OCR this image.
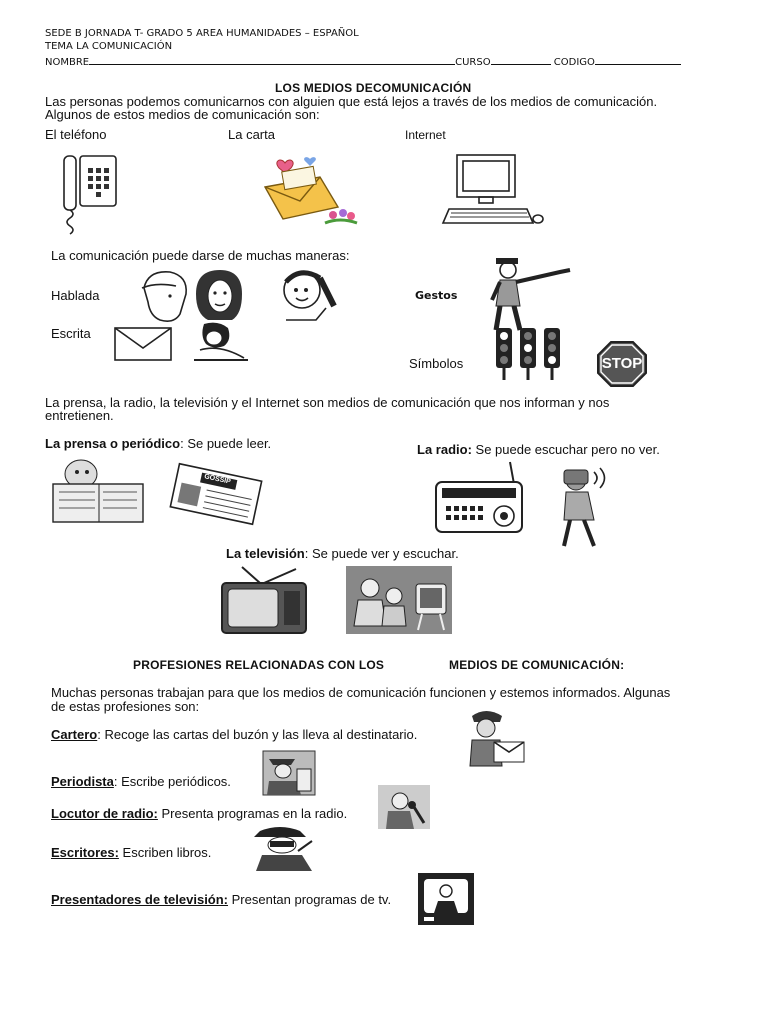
SEDE B JORNADA T- GRADO 5 AREA HUMANIDADES – ESPAÑOL
TEMA LA COMUNICACIÓN
NOMBRE	CURSO	CODIGO
LOS MEDIOS DECOMUNICACIÓN
Las personas podemos comunicarnos con alguien que está lejos a través de los medios de comunicación.
Algunos de estos medios de comunicación son:
El teléfono	La carta	Internet
La comunicación puede darse de muchas maneras:
Hablada	Gestos
Escrita
Símbolos	STOP
La prensa, la radio, la televisión y el Internet son medios de comunicación que nos informan y nos
entretienen.
La prensa o periódico: Se puede leer.	La radio: Se puede escuchar pero no ver.
GOSSIP
La televisión: Se puede ver y escuchar.
PROFESIONES RELACIONADAS CON LOS	MEDIOS DE COMUNICACIÓN:
Muchas personas trabajan para que los medios de comunicación funcionen y estemos informados. Algunas
de estas profesiones son:
Cartero: Recoge las cartas del buzón y las lleva al destinatario.
Periodista: Escribe periódicos.
Locutor de radio: Presenta programas en la radio.
Escritores: Escriben libros.
Presentadores de televisión: Presentan programas de tv.
